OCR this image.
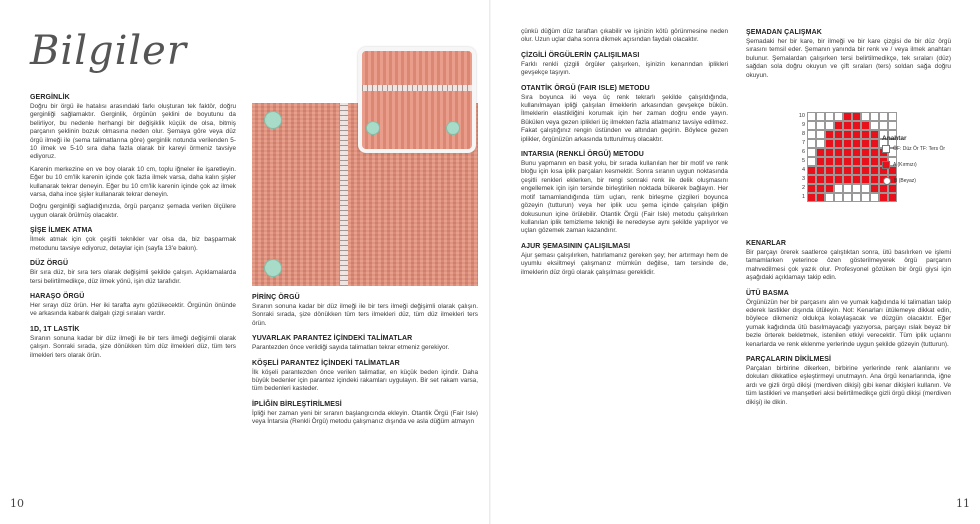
Bilgiler
GERGİNLİK

Doğru bir örgü ile hatalısı arasındaki farkı oluşturan tek faktör, doğru gerginliği sağlamaktır. Gerginlik, örgünün şeklini de boyutunu da belirliyor, bu nedenle herhangi bir değişiklik küçük de olsa, bitmiş parçanın şeklinin bozuk olmasına neden olur. Şemaya göre veya düz örgü ilmeği ile (sema talimatlarına göre) gerginlik notunda verilenden 5-10 ilmek ve 5-10 sıra daha fazla olarak bir kareyi örmeniz tavsiye ediyoruz.

Karenin merkezine en ve boy olarak 10 cm, toplu iğneler ile işaretleyin. Eğer bu 10 cm'lik karenin içinde çok fazla ilmek varsa, daha kalın şişler kullanarak tekrar deneyin. Eğer bu 10 cm'lik karenin içinde çok az ilmek varsa, daha ince şişler kullanarak tekrar deneyin.

Doğru gerginliği sağladığınızda, örgü parçanız şemada verilen ölçülere uygun olarak örülmüş olacaktır.

ŞİŞE İLMEK ATMA

İlmek atmak için çok çeşitli teknikler var olsa da, biz başparmak metodunu tavsiye ediyoruz, detaylar için (sayfa 13'e bakın).

DÜZ ÖRGÜ

Bir sıra düz, bir sıra ters olarak değişimli şekilde çalışın. Açıklamalarda tersi belirtilmedikçe, düz ilmek yönü, işin düz tarafıdır.

HARAŞO ÖRGÜ

Her sırayı düz örün. Her iki tarafta aynı gözükecektir. Örgünün önünde ve arkasında kabarık dalgalı çizgi sıraları vardır.

1D, 1T LASTİK

Sıranın sonuna kadar bir düz ilmeği ile bir ters ilmeği değişimli olarak çalışın. Sonraki sırada, şize dönükken tüm düz ilmekleri düz, tüm ters ilmekleri ters olarak örün.

PİRİNÇ ÖRGÜ

Sıranın sonuna kadar bir düz ilmeği ile bir ters ilmeği değişimli olarak çalışın. Sonraki sırada, şize dönükken tüm ters ilmekleri düz, tüm düz ilmekleri ters örün.

YUVARLAK PARANTEZ İÇİNDEKİ TALİMATLAR

Parantezden önce verildiği sayıda talimatları tekrar etmeniz gerekiyor.

KÖŞELİ PARANTEZ İÇİNDEKİ TALİMATLAR

İlk köşeli parantezden önce verilen talimatlar, en küçük beden içindir. Daha büyük bedenler için parantez içindeki rakamları uygulayın. Bir set rakam varsa, tüm bedenleri kasteder.

İPLİĞİN BİRLEŞTİRİLMESİ

İpliği her zaman yeni bir sıranın başlangıcında ekleyin. Otantik Örgü (Fair Isle) veya İntarsia (Renkli Örgü) metodu çalışmanız dışında ve asla düğüm atmayın

çünkü düğüm düz taraftan çıkabilir ve işinizin kötü görünmesine neden olur. Uzun uçlar daha sonra dikmek açısından faydalı olacaktır.

ÇİZGİLİ ÖRGÜLERİN ÇALIŞILMASI

Farklı renkli çizgili örgüler çalışırken, işinizin kenarından iplikleri gevşekçe taşıyın.

OTANTİK ÖRGÜ (FAIR ISLE) METODU

Sıra boyunca iki veya üç renk tekrarlı şekilde çalışıldığında, kullanılmayan ipliği çalışılan ilmeklerin arkasından gevşekçe bükün. İlmeklerin elastikliğini korumak için her zaman doğru ende yayın. Bükülen veya gezen iplikleri üç ilmekten fazla atlatmanız tavsiye edilmez. Fakat çalıştığınız rengin üstünden ve altından geçirin. Böylece gezen iplikler, örgünüzün arkasında tutturulmuş olacaktır.

INTARSIA (RENKLİ ÖRGÜ) METODU

Bunu yapmanın en basit yolu, bir sırada kullanılan her bir motif ve renk bloğu için kısa iplik parçaları kesmektir. Sonra sıranın uygun noktasında çeşitli renkleri eklerken, bir rengi sonraki renk ile delik oluşmasını engellemek için işin tersinde birleştirilen noktada bükerek bağlayın. Her motif tamamlandığında tüm uçları, renk birleşme çizgileri boyunca gözeyin (tutturun) veya her iplik ucu şema içinde çalışılan ipliğin dokusunun içine örülebilir. Otantik Örgü (Fair Isle) metodu çalışılırken kullanılan iplik temizleme tekniği ile neredeyse aynı şekilde yapılıyor ve uçları gözemek zaman kazandırır.

AJUR ŞEMASININ ÇALIŞILMASI

Ajur şeması çalışılırken, hatırlamanız gereken şey; her artırmayı hem de uyumlu eksiltmeyi çalışmanız mümkün değilse, tam tersinde de, ilmeklerin düz örgü olarak çalışılması gereklidir.

ŞEMADAN ÇALIŞMAK

Şemadaki her bir kare, bir ilmeği ve bir kare çizgisi de bir düz örgü sırasını temsil eder. Şemanın yanında bir renk ve / veya ilmek anahtarı bulunur. Şemalardan çalışırken tersi belirtilmedikçe, tek sıraları (düz) sağdan sola doğru okuyun ve çift sıraları (ters) soldan sağa doğru okuyun.

KENARLAR

Bir parçayı örerek saatlerce çalıştıktan sonra, ütü basılırken ve işlemi tamamlarken yeterince özen gösterilmeyerek örgü parçanın mahvedilmesi çok yazık olur. Profesyonel gözüken bir örgü giysi için aşağıdaki açıklamayı takip edin.

ÜTÜ BASMA

Örgünüzün her bir parçasını alın ve yumak kağıdında ki talimatları takip ederek lastikler dışında ütüleyin. Not: Kenarları ütülemeye dikkat edin, böylece dikmeniz oldukça kolaylaşacak ve düzgün olacaktır. Eğer yumak kağıdında ütü basılmayacağı yazıyorsa, parçayı ıslak beyaz bir bezle örterek bekletmek, istenilen etkiyi verecektir. Tüm iplik uçlarını kenarlarda ve renk eklenme yerlerinde uygun şekilde gözeyin (tutturun).

PARÇALARIN DİKİLMESİ

Parçaları birbirine dikerken, birbirine yerlerinde renk alanlarını ve dokuları dikkatlice eşleştirmeyi unutmayın. Ana örgü kenarlarında, iğne ardı ve gizli örgü dikişi (merdiven dikişi) gibi kenar dikişleri kullanın. Ve tüm lastikleri ve manşetleri aksi belirtilmedikçe gizli örgü dikişi (merdiven dikişi) ile dikin.

10
9
8
7
6
5
4
3
2
1
Anahtar
ÖF: Düz Ör TF: Ters Ör
A (Kırmızı)
B (Beyaz)
10	11
